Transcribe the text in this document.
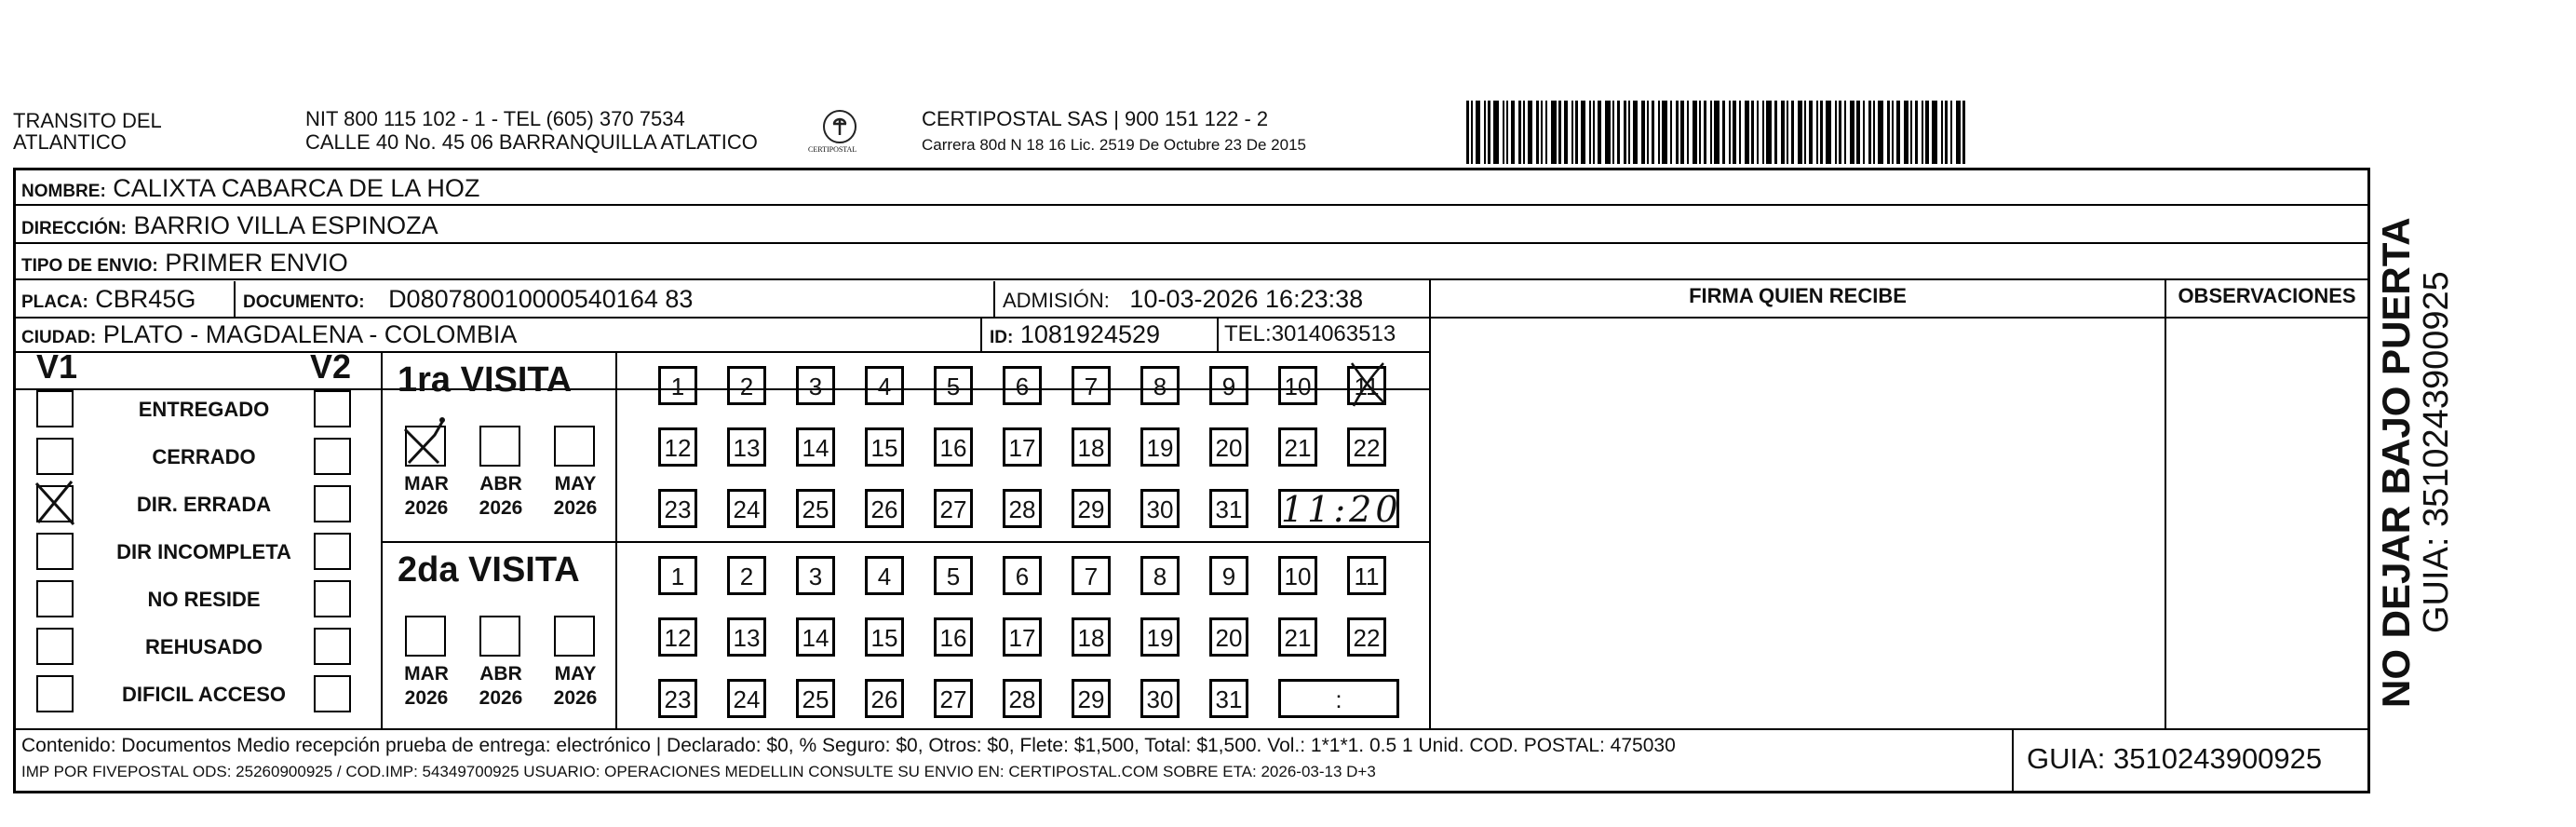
TRANSITO DEL
ATLANTICO
NIT 800 115 102 - 1 - TEL (605) 370 7534
CALLE 40 No. 45 06 BARRANQUILLA ATLATICO	CERTIPOSTAL
CERTIPOSTAL SAS | 900 151 122 - 2
Carrera 80d N 18 16 Lic. 2519 De Octubre 23 De 2015
NOMBRE: CALIXTA CABARCA DE LA HOZ
DIRECCIÓN: BARRIO VILLA ESPINOZA
TIPO DE ENVIO: PRIMER ENVIO
PLACA: CBR45G	DOCUMENTO: D080780010000540164 83	ADMISIÓN: 10-03-2026 16:23:38
CIUDAD: PLATO - MAGDALENA - COLOMBIA	ID: 1081924529	TEL:3014063513
FIRMA QUIEN RECIBE	OBSERVACIONES
V1	V2
ENTREGADO
CERRADO
DIR. ERRADA
DIR INCOMPLETA
NO RESIDE
REHUSADO
DIFICIL ACCESO
1ra VISITA
MAR
2026
ABR
2026
MAY
2026
1	2	3	4	5	6	7	8	9	10 11
12 13 14 15 16 17 18 19 20 21 22
23 24 25 26 27 28 29 30 31 11:20
2da VISITA
MAR
2026
ABR
2026
MAY
2026
1	2	3	4	5	6	7	8	9	10 11
12 13 14 15 16 17 18 19 20 21 22
23 24 25 26 27 28 29 30 31	:
Contenido: Documentos Medio recepción prueba de entrega: electrónico | Declarado: $0, % Seguro: $0, Otros: $0, Flete: $1,500, Total: $1,500. Vol.: 1*1*1. 0.5 1 Unid. COD. POSTAL: 475030
IMP POR FIVEPOSTAL ODS: 25260900925 / COD.IMP: 54349700925 USUARIO: OPERACIONES MEDELLIN CONSULTE SU ENVIO EN: CERTIPOSTAL.COM SOBRE ETA: 2026-03-13 D+3	GUIA: 3510243900925
NO DEJAR BAJO PUERTA GUIA: 3510243900925
